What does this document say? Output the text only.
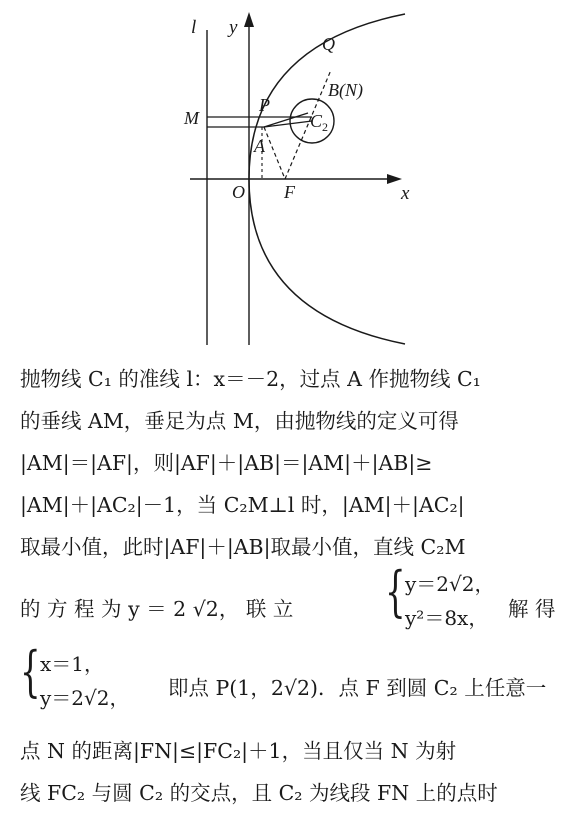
l y
Q
B(N)
M
P
$C_2$
A
O F	x
抛物线 C₁ 的准线 l：x＝－2，过点 A 作抛物线 C₁
的垂线 AM，垂足为点 M，由抛物线的定义可得
|AM|＝|AF|，则|AF|＋|AB|＝|AM|＋|AB|≥
|AM|＋|AC₂|－1，当 C₂M⊥l 时，|AM|＋|AC₂|
取最小值，此时|AF|＋|AB|取最小值，直线 C₂M
的 方 程 为 y ＝ 2 √2， 联 立 { y＝2√2，
y²＝8x， 解 得
{ x＝1，
y＝2√2， 即点 P(1，2√2)．点 F 到圆 C₂ 上任意一
点 N 的距离|FN|≤|FC₂|＋1，当且仅当 N 为射
线 FC₂ 与圆 C₂ 的交点，且 C₂ 为线段 FN 上的点时
